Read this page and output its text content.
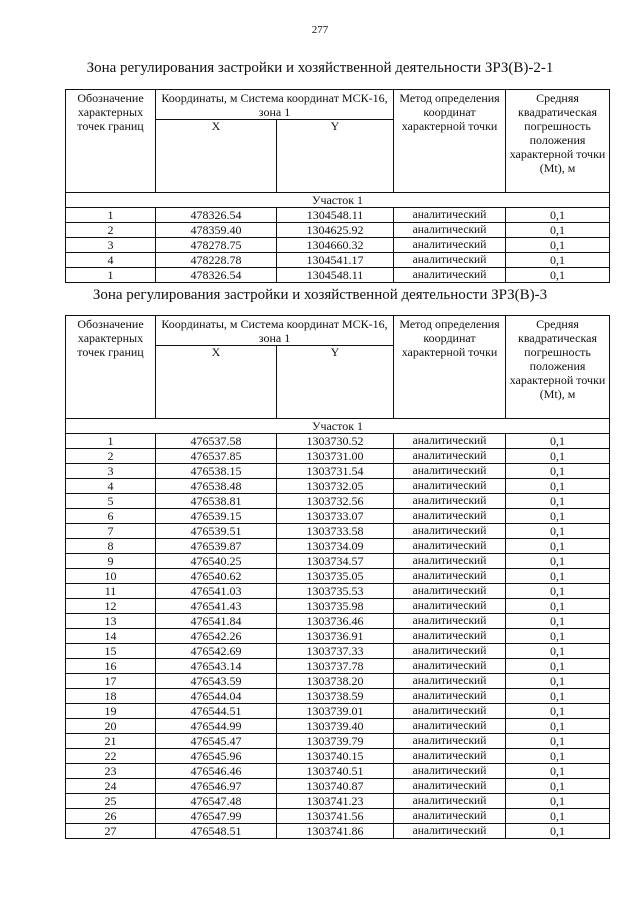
277
Зона регулирования застройки и хозяйственной деятельности ЗРЗ(В)-2-1
Обозначение характерных точек границ	Координаты, м Система координат МСК-16, зона 1		Метод определения координат характерной точки	Средняя квадратическая погрешность положения характерной точки (Mt), м
	X	Y		
Участок 1				
1	478326.54	1304548.11	аналитический	0,1
2	478359.40	1304625.92	аналитический	0,1
3	478278.75	1304660.32	аналитический	0,1
4	478228.78	1304541.17	аналитический	0,1
1	478326.54	1304548.11	аналитический	0,1
Зона регулирования застройки и хозяйственной деятельности ЗРЗ(В)-3
Обозначение характерных точек границ	Координаты, м Система координат МСК-16, зона 1		Метод определения координат характерной точки	Средняя квадратическая погрешность положения характерной точки (Mt), м
	X	Y		
Участок 1				
1	476537.58	1303730.52	аналитический	0,1
2	476537.85	1303731.00	аналитический	0,1
3	476538.15	1303731.54	аналитический	0,1
4	476538.48	1303732.05	аналитический	0,1
5	476538.81	1303732.56	аналитический	0,1
6	476539.15	1303733.07	аналитический	0,1
7	476539.51	1303733.58	аналитический	0,1
8	476539.87	1303734.09	аналитический	0,1
9	476540.25	1303734.57	аналитический	0,1
10	476540.62	1303735.05	аналитический	0,1
11	476541.03	1303735.53	аналитический	0,1
12	476541.43	1303735.98	аналитический	0,1
13	476541.84	1303736.46	аналитический	0,1
14	476542.26	1303736.91	аналитический	0,1
15	476542.69	1303737.33	аналитический	0,1
16	476543.14	1303737.78	аналитический	0,1
17	476543.59	1303738.20	аналитический	0,1
18	476544.04	1303738.59	аналитический	0,1
19	476544.51	1303739.01	аналитический	0,1
20	476544.99	1303739.40	аналитический	0,1
21	476545.47	1303739.79	аналитический	0,1
22	476545.96	1303740.15	аналитический	0,1
23	476546.46	1303740.51	аналитический	0,1
24	476546.97	1303740.87	аналитический	0,1
25	476547.48	1303741.23	аналитический	0,1
26	476547.99	1303741.56	аналитический	0,1
27	476548.51	1303741.86	аналитический	0,1
